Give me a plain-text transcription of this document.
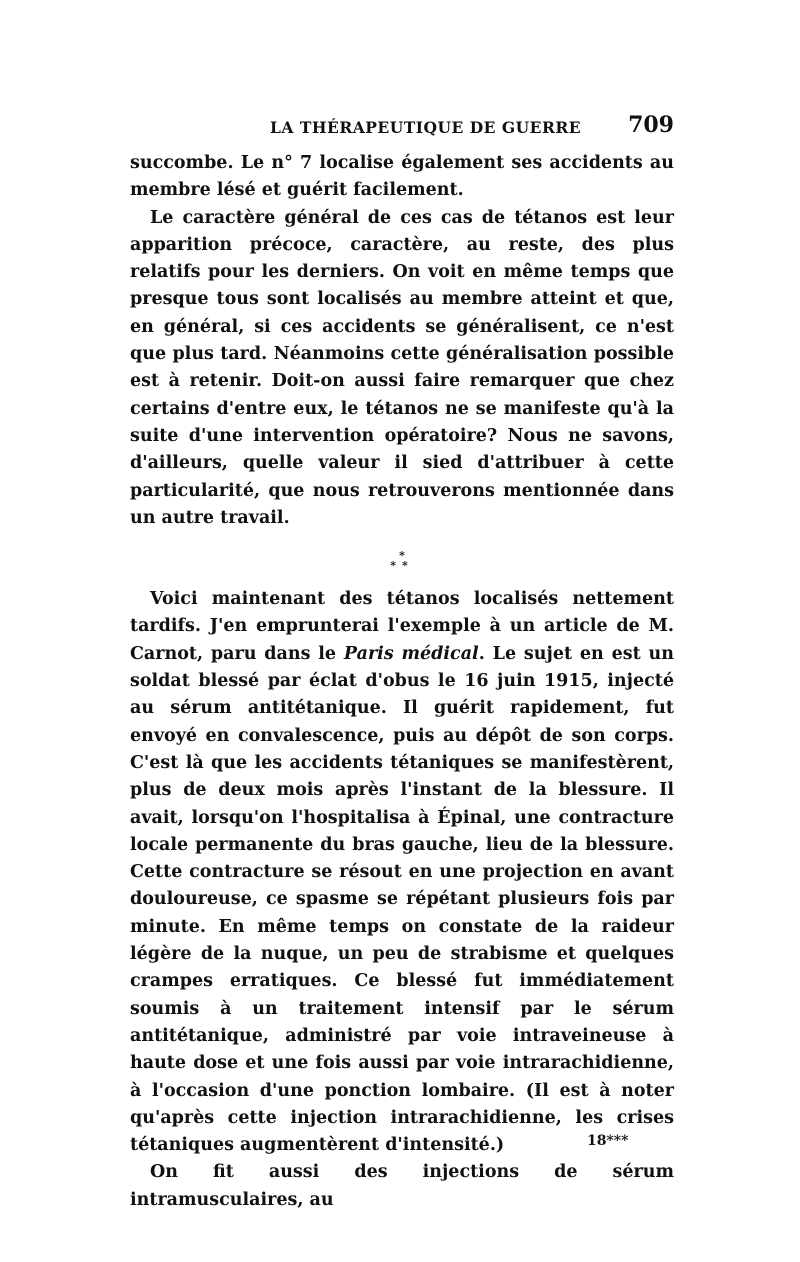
LA THÉRAPEUTIQUE DE GUERRE 709

succombe. Le n° 7 localise également ses accidents au membre lésé et guérit facilement.

Le caractère général de ces cas de tétanos est leur apparition précoce, caractère, au reste, des plus relatifs pour les derniers. On voit en même temps que presque tous sont localisés au membre atteint et que, en général, si ces accidents se généralisent, ce n'est que plus tard. Néanmoins cette généralisation possible est à retenir. Doit-on aussi faire remarquer que chez certains d'entre eux, le tétanos ne se manifeste qu'à la suite d'une intervention opératoire? Nous ne savons, d'ailleurs, quelle valeur il sied d'attribuer à cette particularité, que nous retrouverons mentionnée dans un autre travail.

*
**

Voici maintenant des tétanos localisés nettement tardifs. J'en emprunterai l'exemple à un article de M. Carnot, paru dans le Paris médical. Le sujet en est un soldat blessé par éclat d'obus le 16 juin 1915, injecté au sérum antitétanique. Il guérit rapidement, fut envoyé en convalescence, puis au dépôt de son corps. C'est là que les accidents tétaniques se manifestèrent, plus de deux mois après l'instant de la blessure. Il avait, lorsqu'on l'hospitalisa à Épinal, une contracture locale permanente du bras gauche, lieu de la blessure. Cette contracture se résout en une projection en avant douloureuse, ce spasme se répétant plusieurs fois par minute. En même temps on constate de la raideur légère de la nuque, un peu de strabisme et quelques crampes erratiques. Ce blessé fut immédiatement soumis à un traitement intensif par le sérum antitétanique, administré par voie intraveineuse à haute dose et une fois aussi par voie intrarachidienne, à l'occasion d'une ponction lombaire. (Il est à noter qu'après cette injection intrarachidienne, les crises tétaniques augmentèrent d'intensité.)

On fit aussi des injections de sérum intramusculaires, au

18***
